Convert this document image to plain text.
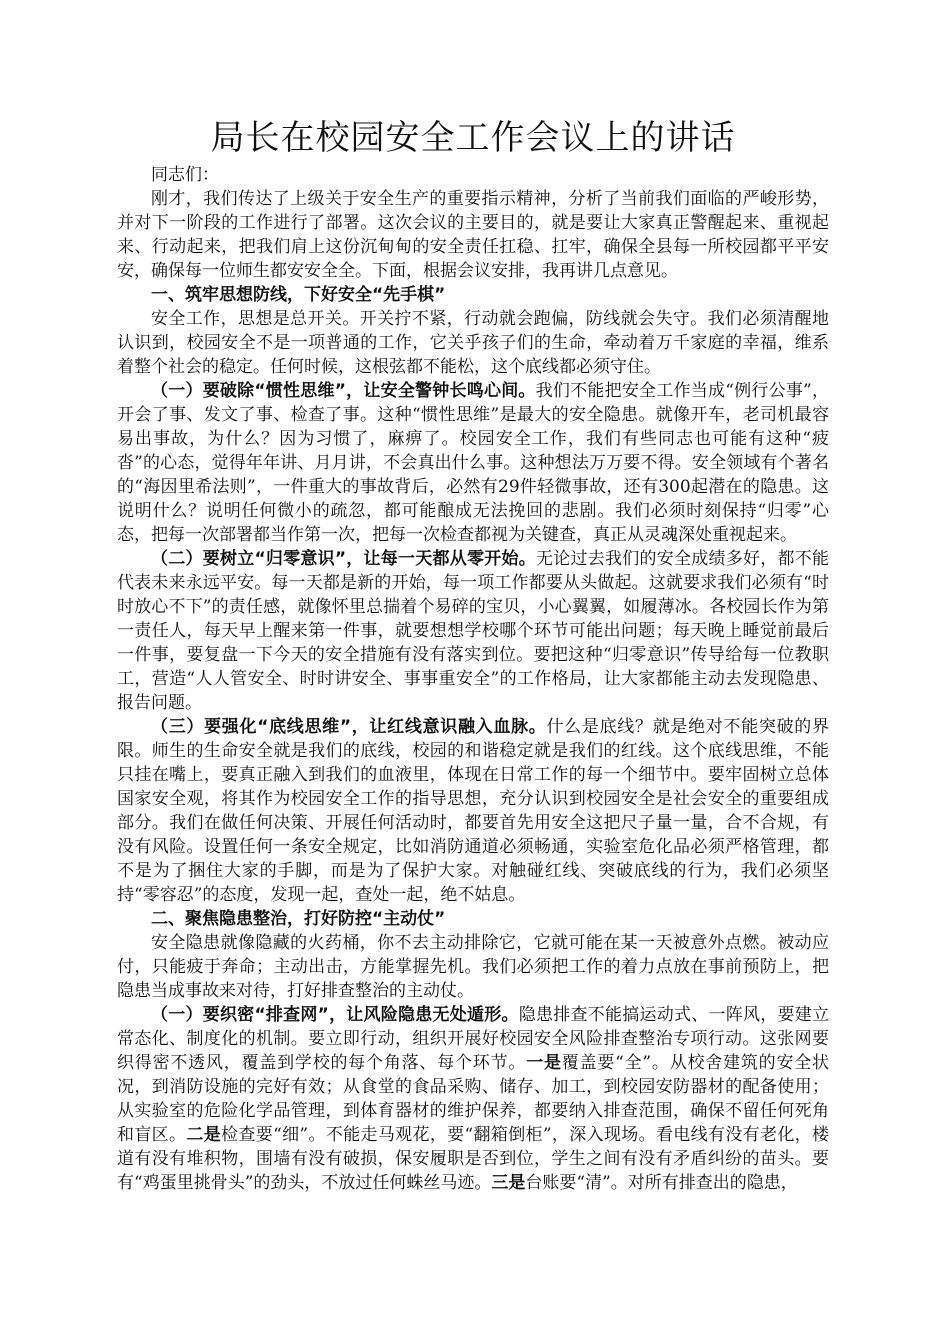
局长在校园安全工作会议上的讲话

同志们：

刚才，我们传达了上级关于安全生产的重要指示精神，分析了当前我们面临的严峻形势，并对下一阶段的工作进行了部署。这次会议的主要目的，就是要让大家真正警醒起来、重视起来、行动起来，把我们肩上这份沉甸甸的安全责任扛稳、扛牢，确保全县每一所校园都平平安安，确保每一位师生都安安全全。下面，根据会议安排，我再讲几点意见。

一、筑牢思想防线，下好安全“先手棋”

安全工作，思想是总开关。开关拧不紧，行动就会跑偏，防线就会失守。我们必须清醒地认识到，校园安全不是一项普通的工作，它关乎孩子们的生命，牵动着万千家庭的幸福，维系着整个社会的稳定。任何时候，这根弦都不能松，这个底线都必须守住。

（一）要破除“惯性思维”，让安全警钟长鸣心间。我们不能把安全工作当成“例行公事”，开会了事、发文了事、检查了事。这种“惯性思维”是最大的安全隐患。就像开车，老司机最容易出事故，为什么？因为习惯了，麻痹了。校园安全工作，我们有些同志也可能有这种“疲沓”的心态，觉得年年讲、月月讲，不会真出什么事。这种想法万万要不得。安全领域有个著名的“海因里希法则”，一件重大的事故背后，必然有29件轻微事故，还有300起潜在的隐患。这说明什么？说明任何微小的疏忽，都可能酿成无法挽回的悲剧。我们必须时刻保持“归零”心态，把每一次部署都当作第一次，把每一次检查都视为关键查，真正从灵魂深处重视起来。

（二）要树立“归零意识”，让每一天都从零开始。无论过去我们的安全成绩多好，都不能代表未来永远平安。每一天都是新的开始，每一项工作都要从头做起。这就要求我们必须有“时时放心不下”的责任感，就像怀里总揣着个易碎的宝贝，小心翼翼，如履薄冰。各校园长作为第一责任人，每天早上醒来第一件事，就要想想学校哪个环节可能出问题；每天晚上睡觉前最后一件事，要复盘一下今天的安全措施有没有落实到位。要把这种“归零意识”传导给每一位教职工，营造“人人管安全、时时讲安全、事事重安全”的工作格局，让大家都能主动去发现隐患、报告问题。

（三）要强化“底线思维”，让红线意识融入血脉。什么是底线？就是绝对不能突破的界限。师生的生命安全就是我们的底线，校园的和谐稳定就是我们的红线。这个底线思维，不能只挂在嘴上，要真正融入到我们的血液里，体现在日常工作的每一个细节中。要牢固树立总体国家安全观，将其作为校园安全工作的指导思想，充分认识到校园安全是社会安全的重要组成部分。我们在做任何决策、开展任何活动时，都要首先用安全这把尺子量一量，合不合规，有没有风险。设置任何一条安全规定，比如消防通道必须畅通，实验室危化品必须严格管理，都不是为了捆住大家的手脚，而是为了保护大家。对触碰红线、突破底线的行为，我们必须坚持“零容忍”的态度，发现一起，查处一起，绝不姑息。

二、聚焦隐患整治，打好防控“主动仗”

安全隐患就像隐藏的火药桶，你不去主动排除它，它就可能在某一天被意外点燃。被动应付，只能疲于奔命；主动出击，方能掌握先机。我们必须把工作的着力点放在事前预防上，把隐患当成事故来对待，打好排查整治的主动仗。

（一）要织密“排查网”，让风险隐患无处遁形。隐患排查不能搞运动式、一阵风，要建立常态化、制度化的机制。要立即行动，组织开展好校园安全风险排查整治专项行动。这张网要织得密不透风，覆盖到学校的每个角落、每个环节。一是覆盖要“全”。从校舍建筑的安全状况，到消防设施的完好有效；从食堂的食品采购、储存、加工，到校园安防器材的配备使用；从实验室的危险化学品管理，到体育器材的维护保养，都要纳入排查范围，确保不留任何死角和盲区。二是检查要“细”。不能走马观花，要“翻箱倒柜”，深入现场。看电线有没有老化，楼道有没有堆积物，围墙有没有破损，保安履职是否到位，学生之间有没有矛盾纠纷的苗头。要有“鸡蛋里挑骨头”的劲头，不放过任何蛛丝马迹。三是台账要“清”。对所有排查出的隐患，
